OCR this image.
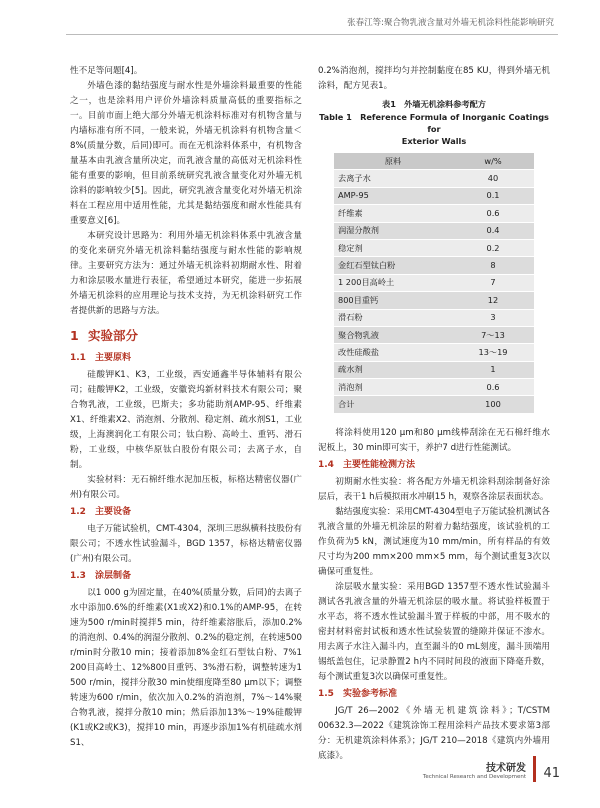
张春江等:聚合物乳液含量对外墙无机涂料性能影响研究

性不足等问题[4]。

外墙色漆的黏结强度与耐水性是外墙涂料最重要的性能之一，也是涂料用户评价外墙涂料质量高低的重要指标之一。目前市面上绝大部分外墙无机涂料标准对有机物含量与内墙标准有所不同，一般来说，外墙无机涂料有机物含量＜8%(质量分数，后同)即可。而在无机涂料体系中，有机物含量基本由乳液含量所决定，而乳液含量的高低对无机涂料性能有重要的影响，但目前系统研究乳液含量变化对外墙无机涂料的影响较少[5]。因此，研究乳液含量变化对外墙无机涂料在工程应用中适用性能，尤其是黏结强度和耐水性能具有重要意义[6]。

本研究设计思路为：利用外墙无机涂料体系中乳液含量的变化来研究外墙无机涂料黏结强度与耐水性能的影响规律。主要研究方法为：通过外墙无机涂料初期耐水性、附着力和涂层吸水量进行表征，希望通过本研究，能进一步拓展外墙无机涂料的应用理论与技术支持，为无机涂料研究工作者提供新的思路与方法。

1 实验部分
1.1　主要原料

硅酸钾K1、K3，工业级，西安通鑫半导体辅料有限公司；硅酸钾K2，工业级，安徽瓷坞新材料技术有限公司；聚合物乳液，工业级，巴斯夫；多功能助剂AMP-95、纤维素X1、纤维素X2、消泡剂、分散剂、稳定剂、疏水剂S1，工业级，上海澳润化工有限公司；钛白粉、高岭土、重钙、滑石粉，工业级，中核华原钛白股份有限公司；去离子水，自制。

实验材料：无石棉纤维水泥加压板，标格达精密仪器(广州)有限公司。

1.2　主要设备

电子万能试验机，CMT-4304，深圳三思纵横科技股份有限公司；不透水性试验漏斗，BGD 1357，标格达精密仪器(广州)有限公司。

1.3　涂层制备

以1 000 g为固定量，在40%(质量分数，后同)的去离子水中添加0.6%的纤维素(X1或X2)和0.1%的AMP-95，在转速为500 r/min时搅拌5 min，待纤维素溶胀后，添加0.2%的消泡剂、0.4%的润湿分散剂、0.2%的稳定剂，在转速500 r/min时分散10 min；接着添加8%金红石型钛白粉、7%1 200目高岭土、12%800目重钙、3%滑石粉，调整转速为1 500 r/min，搅拌分散30 min使细度降至80 μm以下；调整转速为600 r/min，依次加入0.2%的消泡剂，7%～14%聚合物乳液，搅拌分散10 min；然后添加13%～19%硅酸钾(K1或K2或K3)，搅拌10 min，再逐步添加1%有机硅疏水剂S1、

0.2%消泡剂，搅拌均匀并控制黏度在85 KU，得到外墙无机涂料，配方见表1。

表1　外墙无机涂料参考配方
Table 1　Reference Formula of Inorganic Coatings for
Exterior Walls
原料	w/%
去离子水	40
AMP-95	0.1
纤维素	0.6
润湿分散剂	0.4
稳定剂	0.2
金红石型钛白粉	8
1 200目高岭土	7
800目重钙	12
滑石粉	3
聚合物乳液	7～13
改性硅酸盐	13～19
疏水剂	1
消泡剂	0.6
合计	100

将涂料使用120 μm和80 μm线棒刮涂在无石棉纤维水泥板上，30 min即可实干，养护7 d进行性能测试。

1.4　主要性能检测方法

初期耐水性实验：将各配方外墙无机涂料刮涂制备好涂层后，表干1 h后模拟雨水冲刷15 h，观察各涂层表面状态。

黏结强度实验：采用CMT-4304型电子万能试验机测试各乳液含量的外墙无机涂层的附着力黏结强度，该试验机的工作负荷为5 kN，测试速度为10 mm/min，所有样品的有效尺寸均为200 mm×200 mm×5 mm，每个测试重复3次以确保可重复性。

涂层吸水量实验：采用BGD 1357型不透水性试验漏斗测试各乳液含量的外墙无机涂层的吸水量。将试验样板置于水平态，将不透水性试验漏斗置于样板的中部，用不吸水的密封材料密封试板和透水性试验装置的缝隙并保证不渗水。用去离子水注入漏斗内，直至漏斗的0 mL刻度，漏斗顶端用锡纸盖包住，记录静置2 h内不同时间段的液面下降毫升数，每个测试重复3次以确保可重复性。

1.5　实验参考标准

JG/T 26—2002《外墙无机建筑涂料》；T/CSTM 00632.3—2022《建筑涂饰工程用涂料产品技术要求第3部分：无机建筑涂料体系》；JG/T 210—2018《建筑内外墙用底漆》。

技术研发
Technical Research and Development 41
